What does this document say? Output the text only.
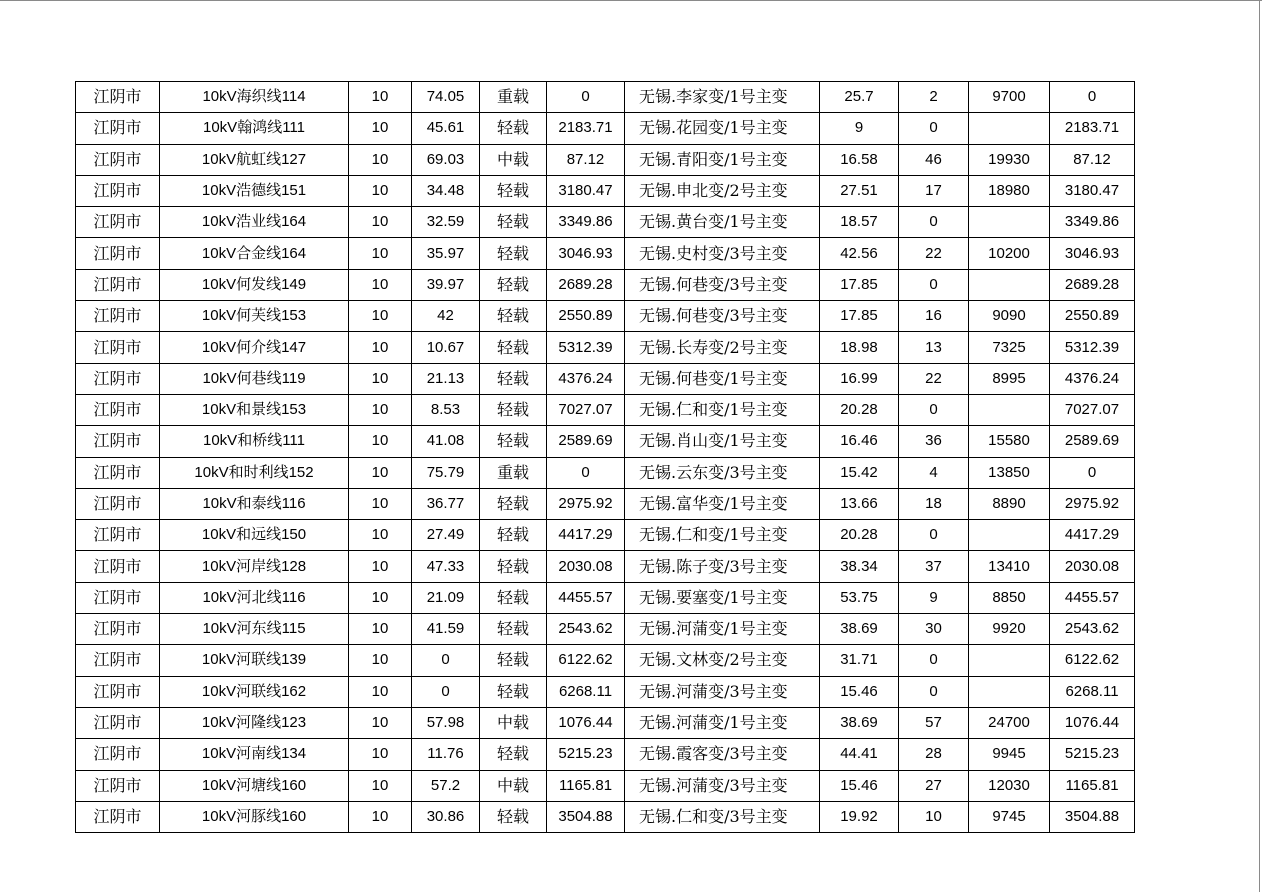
江阴市	10kV海织线114	10	74.05	重载	0	无锡.李家变/1号主变	25.7	2	9700	0
江阴市	10kV翰鸿线111	10	45.61	轻载	2183.71	无锡.花园变/1号主变	9	0		2183.71
江阴市	10kV航虹线127	10	69.03	中载	87.12	无锡.青阳变/1号主变	16.58	46	19930	87.12
江阴市	10kV浩德线151	10	34.48	轻载	3180.47	无锡.申北变/2号主变	27.51	17	18980	3180.47
江阴市	10kV浩业线164	10	32.59	轻载	3349.86	无锡.黄台变/1号主变	18.57	0		3349.86
江阴市	10kV合金线164	10	35.97	轻载	3046.93	无锡.史村变/3号主变	42.56	22	10200	3046.93
江阴市	10kV何发线149	10	39.97	轻载	2689.28	无锡.何巷变/3号主变	17.85	0		2689.28
江阴市	10kV何芙线153	10	42	轻载	2550.89	无锡.何巷变/3号主变	17.85	16	9090	2550.89
江阴市	10kV何介线147	10	10.67	轻载	5312.39	无锡.长寿变/2号主变	18.98	13	7325	5312.39
江阴市	10kV何巷线119	10	21.13	轻载	4376.24	无锡.何巷变/1号主变	16.99	22	8995	4376.24
江阴市	10kV和景线153	10	8.53	轻载	7027.07	无锡.仁和变/1号主变	20.28	0		7027.07
江阴市	10kV和桥线111	10	41.08	轻载	2589.69	无锡.肖山变/1号主变	16.46	36	15580	2589.69
江阴市	10kV和时利线152	10	75.79	重载	0	无锡.云东变/3号主变	15.42	4	13850	0
江阴市	10kV和泰线116	10	36.77	轻载	2975.92	无锡.富华变/1号主变	13.66	18	8890	2975.92
江阴市	10kV和远线150	10	27.49	轻载	4417.29	无锡.仁和变/1号主变	20.28	0		4417.29
江阴市	10kV河岸线128	10	47.33	轻载	2030.08	无锡.陈子变/3号主变	38.34	37	13410	2030.08
江阴市	10kV河北线116	10	21.09	轻载	4455.57	无锡.要塞变/1号主变	53.75	9	8850	4455.57
江阴市	10kV河东线115	10	41.59	轻载	2543.62	无锡.河蒲变/1号主变	38.69	30	9920	2543.62
江阴市	10kV河联线139	10	0	轻载	6122.62	无锡.文林变/2号主变	31.71	0		6122.62
江阴市	10kV河联线162	10	0	轻载	6268.11	无锡.河蒲变/3号主变	15.46	0		6268.11
江阴市	10kV河隆线123	10	57.98	中载	1076.44	无锡.河蒲变/1号主变	38.69	57	24700	1076.44
江阴市	10kV河南线134	10	11.76	轻载	5215.23	无锡.霞客变/3号主变	44.41	28	9945	5215.23
江阴市	10kV河塘线160	10	57.2	中载	1165.81	无锡.河蒲变/3号主变	15.46	27	12030	1165.81
江阴市	10kV河豚线160	10	30.86	轻载	3504.88	无锡.仁和变/3号主变	19.92	10	9745	3504.88
